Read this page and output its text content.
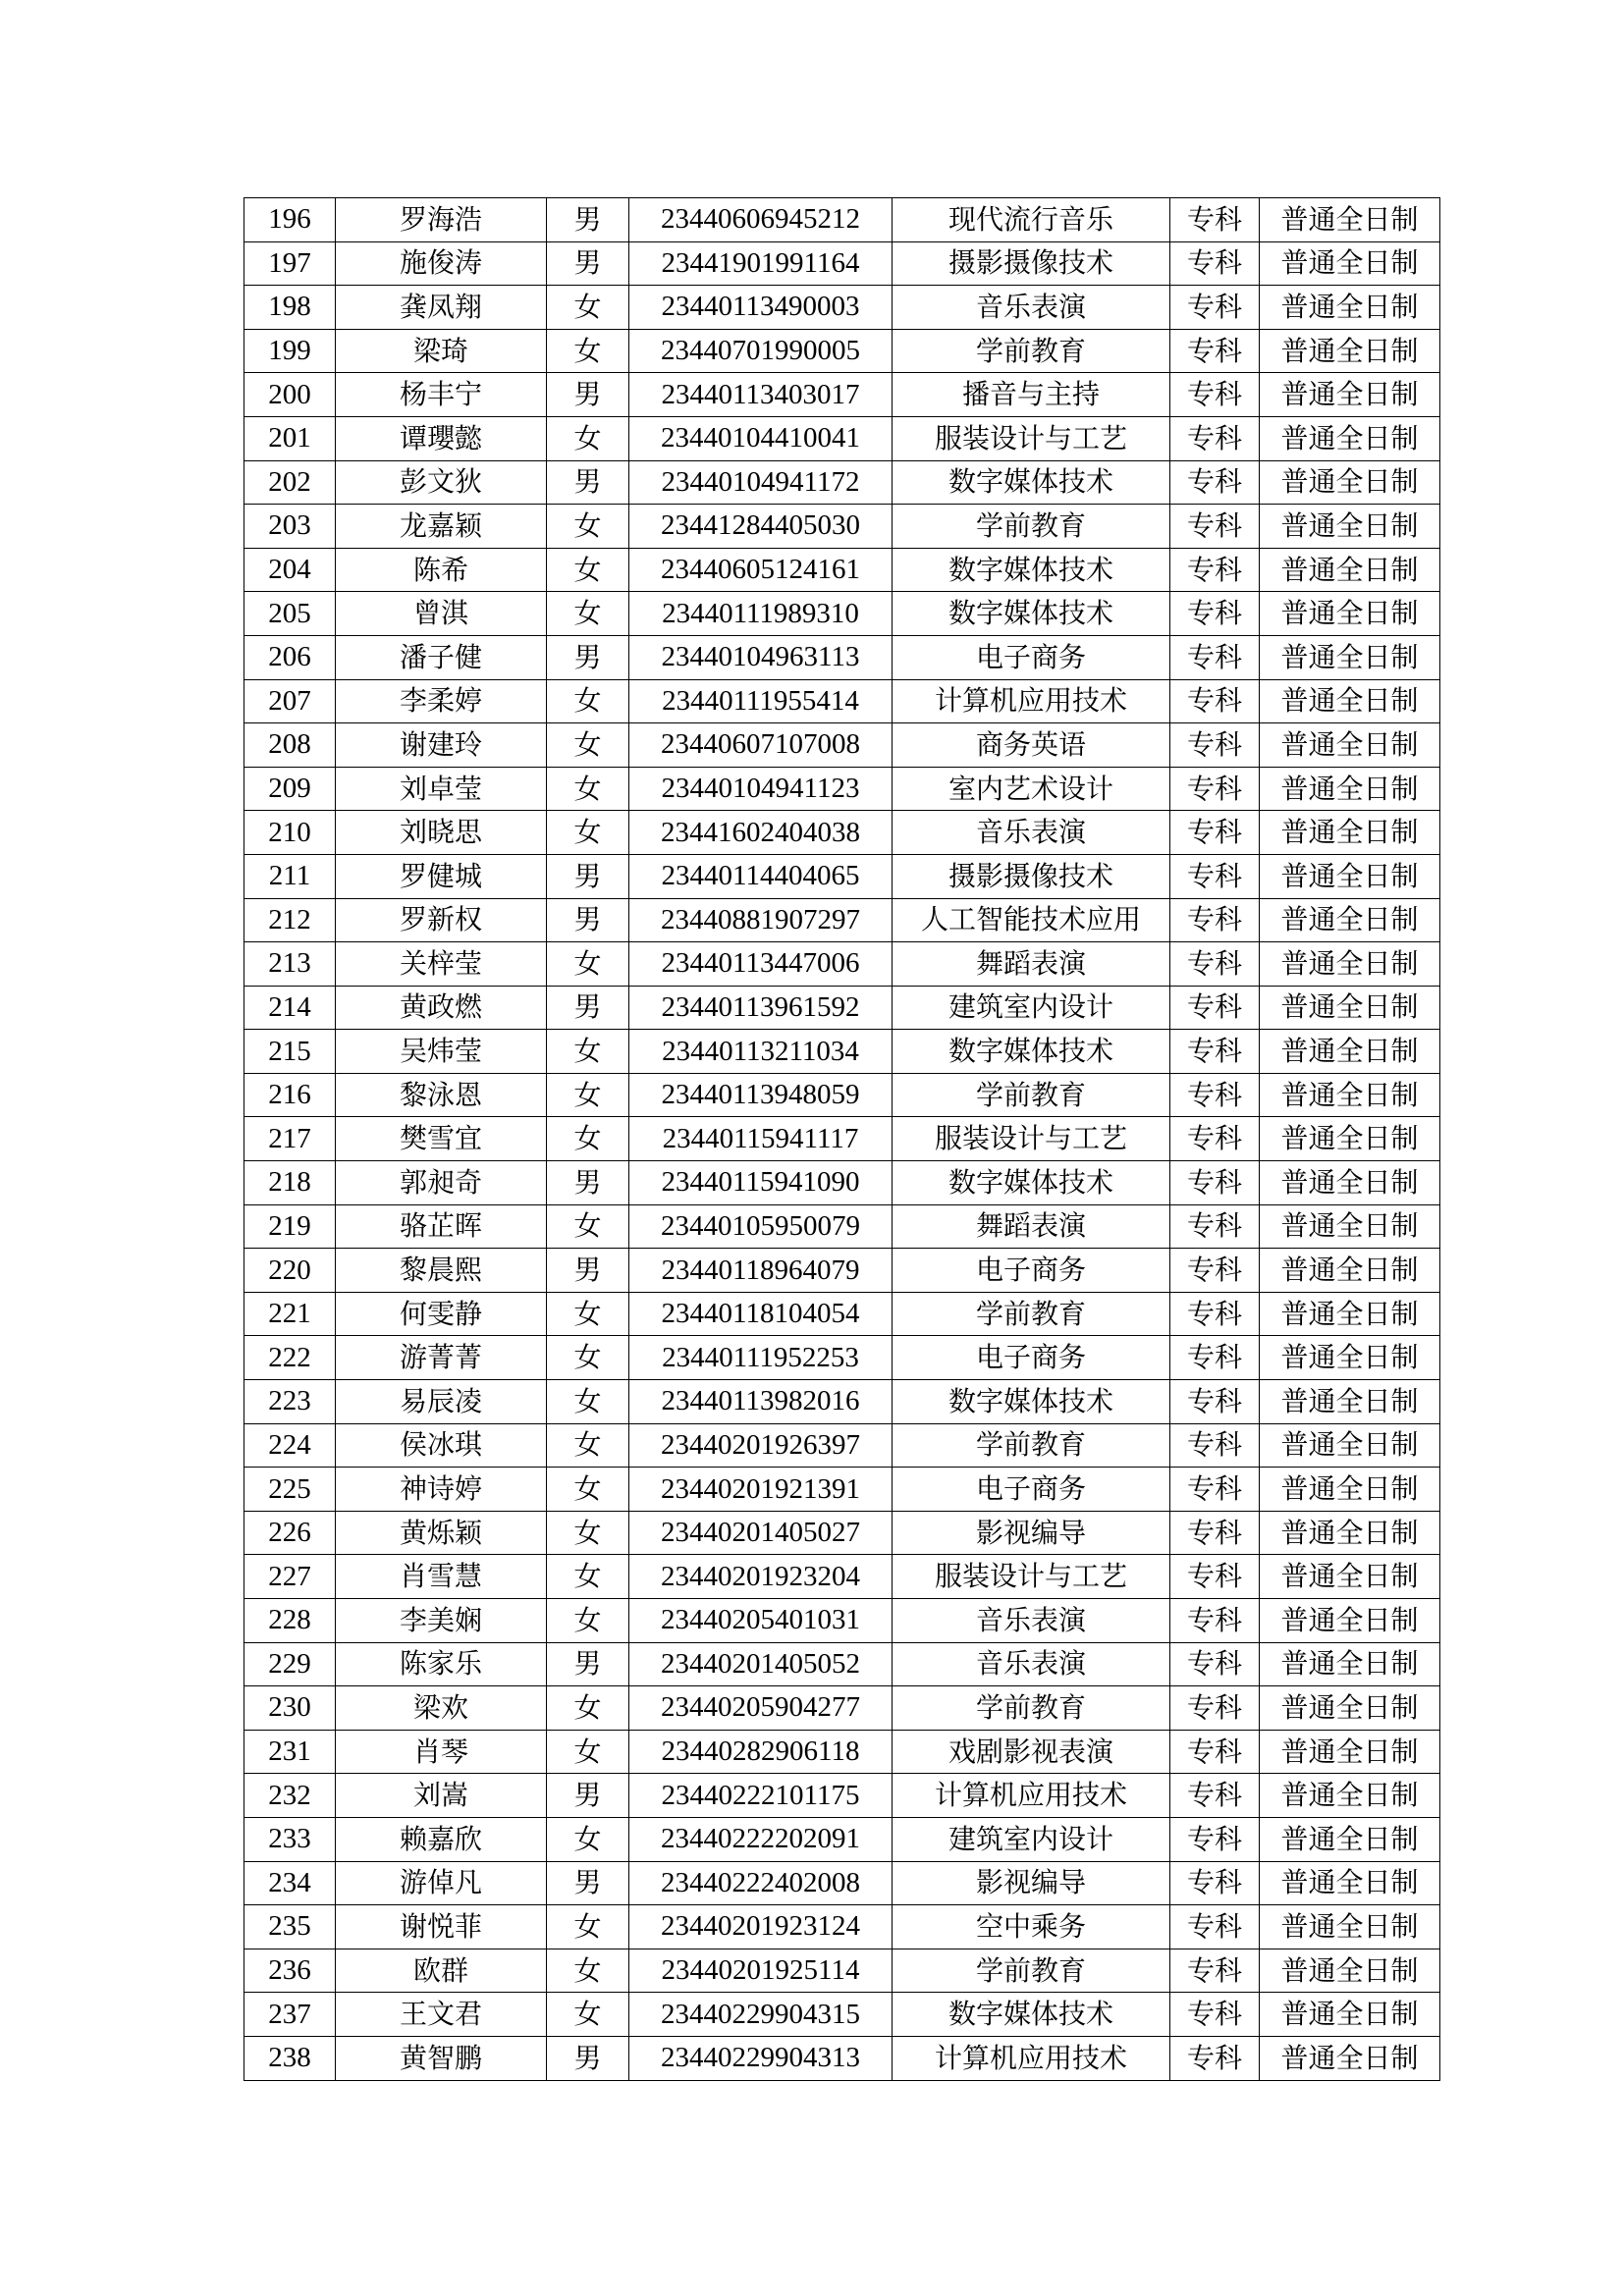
196	罗海浩	男	23440606945212	现代流行音乐	专科	普通全日制
197	施俊涛	男	23441901991164	摄影摄像技术	专科	普通全日制
198	龚凤翔	女	23440113490003	音乐表演	专科	普通全日制
199	梁琦	女	23440701990005	学前教育	专科	普通全日制
200	杨丰宁	男	23440113403017	播音与主持	专科	普通全日制
201	谭瓔懿	女	23440104410041	服装设计与工艺	专科	普通全日制
202	彭文狄	男	23440104941172	数字媒体技术	专科	普通全日制
203	龙嘉颖	女	23441284405030	学前教育	专科	普通全日制
204	陈希	女	23440605124161	数字媒体技术	专科	普通全日制
205	曾淇	女	23440111989310	数字媒体技术	专科	普通全日制
206	潘子健	男	23440104963113	电子商务	专科	普通全日制
207	李柔婷	女	23440111955414	计算机应用技术	专科	普通全日制
208	谢建玲	女	23440607107008	商务英语	专科	普通全日制
209	刘卓莹	女	23440104941123	室内艺术设计	专科	普通全日制
210	刘晓思	女	23441602404038	音乐表演	专科	普通全日制
211	罗健城	男	23440114404065	摄影摄像技术	专科	普通全日制
212	罗新权	男	23440881907297	人工智能技术应用	专科	普通全日制
213	关梓莹	女	23440113447006	舞蹈表演	专科	普通全日制
214	黄政燃	男	23440113961592	建筑室内设计	专科	普通全日制
215	吴炜莹	女	23440113211034	数字媒体技术	专科	普通全日制
216	黎泳恩	女	23440113948059	学前教育	专科	普通全日制
217	樊雪宜	女	23440115941117	服装设计与工艺	专科	普通全日制
218	郭昶奇	男	23440115941090	数字媒体技术	专科	普通全日制
219	骆芷晖	女	23440105950079	舞蹈表演	专科	普通全日制
220	黎晨熙	男	23440118964079	电子商务	专科	普通全日制
221	何雯静	女	23440118104054	学前教育	专科	普通全日制
222	游菁菁	女	23440111952253	电子商务	专科	普通全日制
223	易辰凌	女	23440113982016	数字媒体技术	专科	普通全日制
224	侯冰琪	女	23440201926397	学前教育	专科	普通全日制
225	神诗婷	女	23440201921391	电子商务	专科	普通全日制
226	黄烁颖	女	23440201405027	影视编导	专科	普通全日制
227	肖雪慧	女	23440201923204	服装设计与工艺	专科	普通全日制
228	李美娴	女	23440205401031	音乐表演	专科	普通全日制
229	陈家乐	男	23440201405052	音乐表演	专科	普通全日制
230	梁欢	女	23440205904277	学前教育	专科	普通全日制
231	肖琴	女	23440282906118	戏剧影视表演	专科	普通全日制
232	刘嵩	男	23440222101175	计算机应用技术	专科	普通全日制
233	赖嘉欣	女	23440222202091	建筑室内设计	专科	普通全日制
234	游倬凡	男	23440222402008	影视编导	专科	普通全日制
235	谢悦菲	女	23440201923124	空中乘务	专科	普通全日制
236	欧群	女	23440201925114	学前教育	专科	普通全日制
237	王文君	女	23440229904315	数字媒体技术	专科	普通全日制
238	黄智鹏	男	23440229904313	计算机应用技术	专科	普通全日制
